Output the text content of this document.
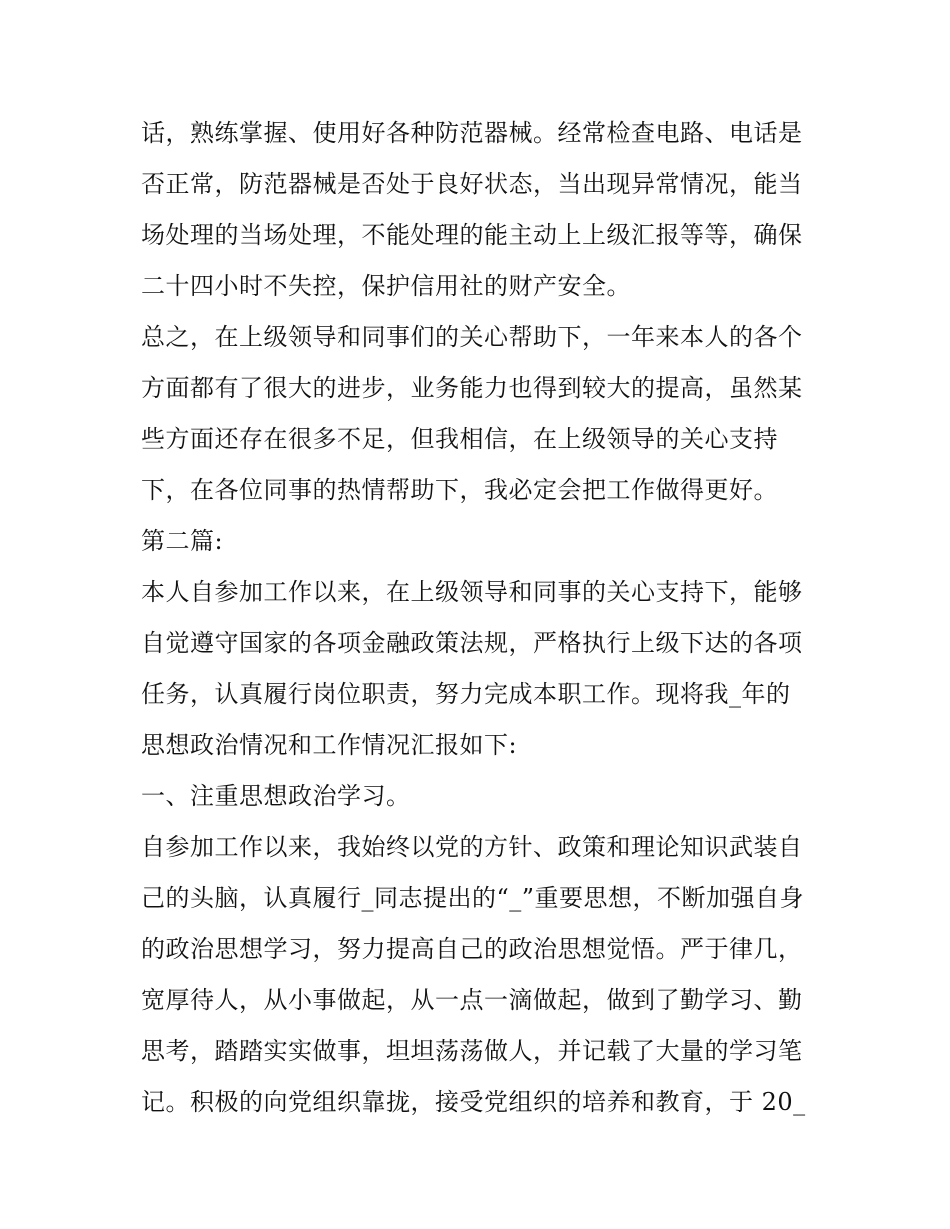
话，熟练掌握、使用好各种防范器械。经常检查电路、电话是
否正常，防范器械是否处于良好状态，当出现异常情况，能当
场处理的当场处理，不能处理的能主动上上级汇报等等，确保
二十四小时不失控，保护信用社的财产安全。
总之，在上级领导和同事们的关心帮助下，一年来本人的各个
方面都有了很大的进步，业务能力也得到较大的提高，虽然某
些方面还存在很多不足，但我相信，在上级领导的关心支持
下，在各位同事的热情帮助下，我必定会把工作做得更好。
第二篇:
本人自参加工作以来，在上级领导和同事的关心支持下，能够
自觉遵守国家的各项金融政策法规，严格执行上级下达的各项
任务，认真履行岗位职责，努力完成本职工作。现将我_年的
思想政治情况和工作情况汇报如下:
一、注重思想政治学习。
自参加工作以来，我始终以党的方针、政策和理论知识武装自
己的头脑，认真履行_同志提出的“_”重要思想，不断加强自身
的政治思想学习，努力提高自己的政治思想觉悟。严于律几，
宽厚待人，从小事做起，从一点一滴做起，做到了勤学习、勤
思考，踏踏实实做事，坦坦荡荡做人，并记载了大量的学习笔
记。积极的向党组织靠拢，接受党组织的培养和教育，于 20_
